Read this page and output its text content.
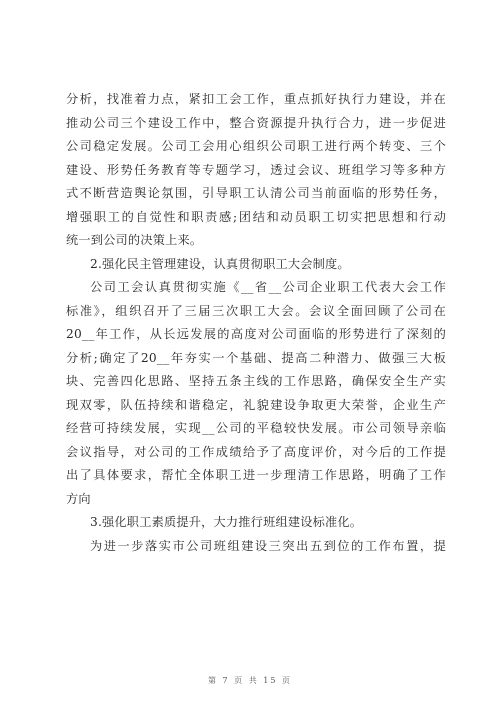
分析，找准着力点，紧扣工会工作，重点抓好执行力建设，并在
推动公司三个建设工作中，整合资源提升执行合力，进一步促进
公司稳定发展。公司工会用心组织公司职工进行两个转变、三个
建设、形势任务教育等专题学习，透过会议、班组学习等多种方
式不断营造舆论氛围，引导职工认清公司当前面临的形势任务，
增强职工的自觉性和职责感;团结和动员职工切实把思想和行动
统一到公司的决策上来。
2.强化民主管理建设，认真贯彻职工大会制度。
公司工会认真贯彻实施《__省__公司企业职工代表大会工作
标准》，组织召开了三届三次职工大会。会议全面回顾了公司在
20__年工作，从长远发展的高度对公司面临的形势进行了深刻的
分析;确定了20__年夯实一个基础、提高二种潜力、做强三大板
块、完善四化思路、坚持五条主线的工作思路，确保安全生产实
现双零，队伍持续和谐稳定，礼貌建设争取更大荣誉，企业生产
经营可持续发展，实现__公司的平稳较快发展。市公司领导亲临
会议指导，对公司的工作成绩给予了高度评价，对今后的工作提
出了具体要求，帮忙全体职工进一步理清工作思路，明确了工作
方向
3.强化职工素质提升，大力推行班组建设标准化。
为进一步落实市公司班组建设三突出五到位的工作布置，提
第 7 页 共 15 页
